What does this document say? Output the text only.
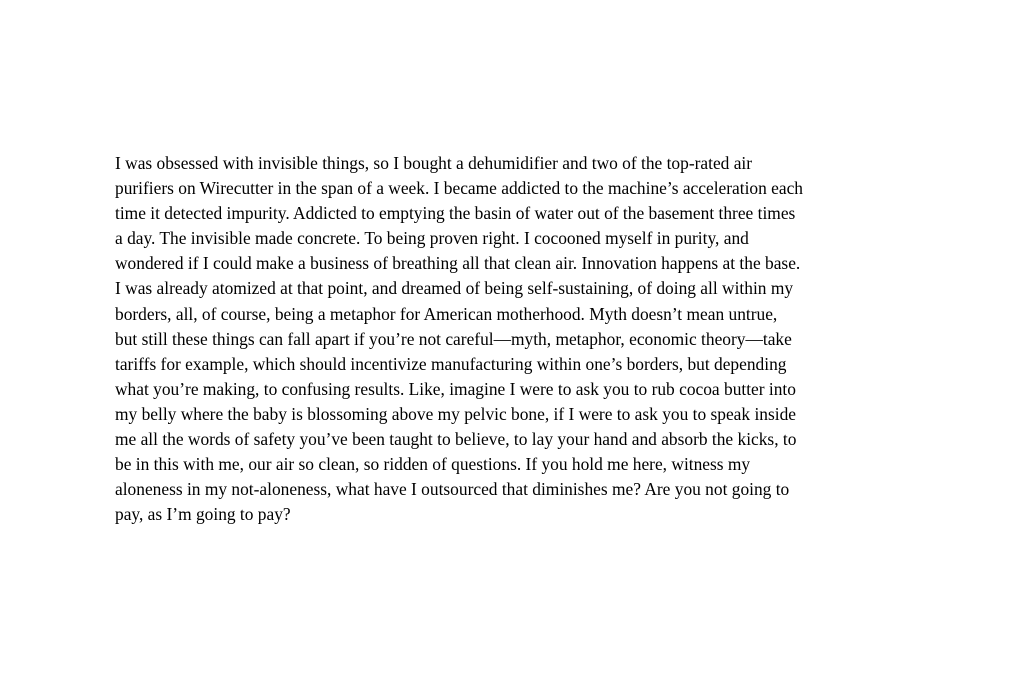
I was obsessed with invisible things, so I bought a dehumidifier and two of the top-rated air
purifiers on Wirecutter in the span of a week. I became addicted to the machine’s acceleration each
time it detected impurity. Addicted to emptying the basin of water out of the basement three times
a day. The invisible made concrete. To being proven right. I cocooned myself in purity, and
wondered if I could make a business of breathing all that clean air. Innovation happens at the base.
I was already atomized at that point, and dreamed of being self-sustaining, of doing all within my
borders, all, of course, being a metaphor for American motherhood. Myth doesn’t mean untrue,
but still these things can fall apart if you’re not careful—myth, metaphor, economic theory—take
tariffs for example, which should incentivize manufacturing within one’s borders, but depending
what you’re making, to confusing results. Like, imagine I were to ask you to rub cocoa butter into
my belly where the baby is blossoming above my pelvic bone, if I were to ask you to speak inside
me all the words of safety you’ve been taught to believe, to lay your hand and absorb the kicks, to
be in this with me, our air so clean, so ridden of questions. If you hold me here, witness my
aloneness in my not-aloneness, what have I outsourced that diminishes me? Are you not going to
pay, as I’m going to pay?
